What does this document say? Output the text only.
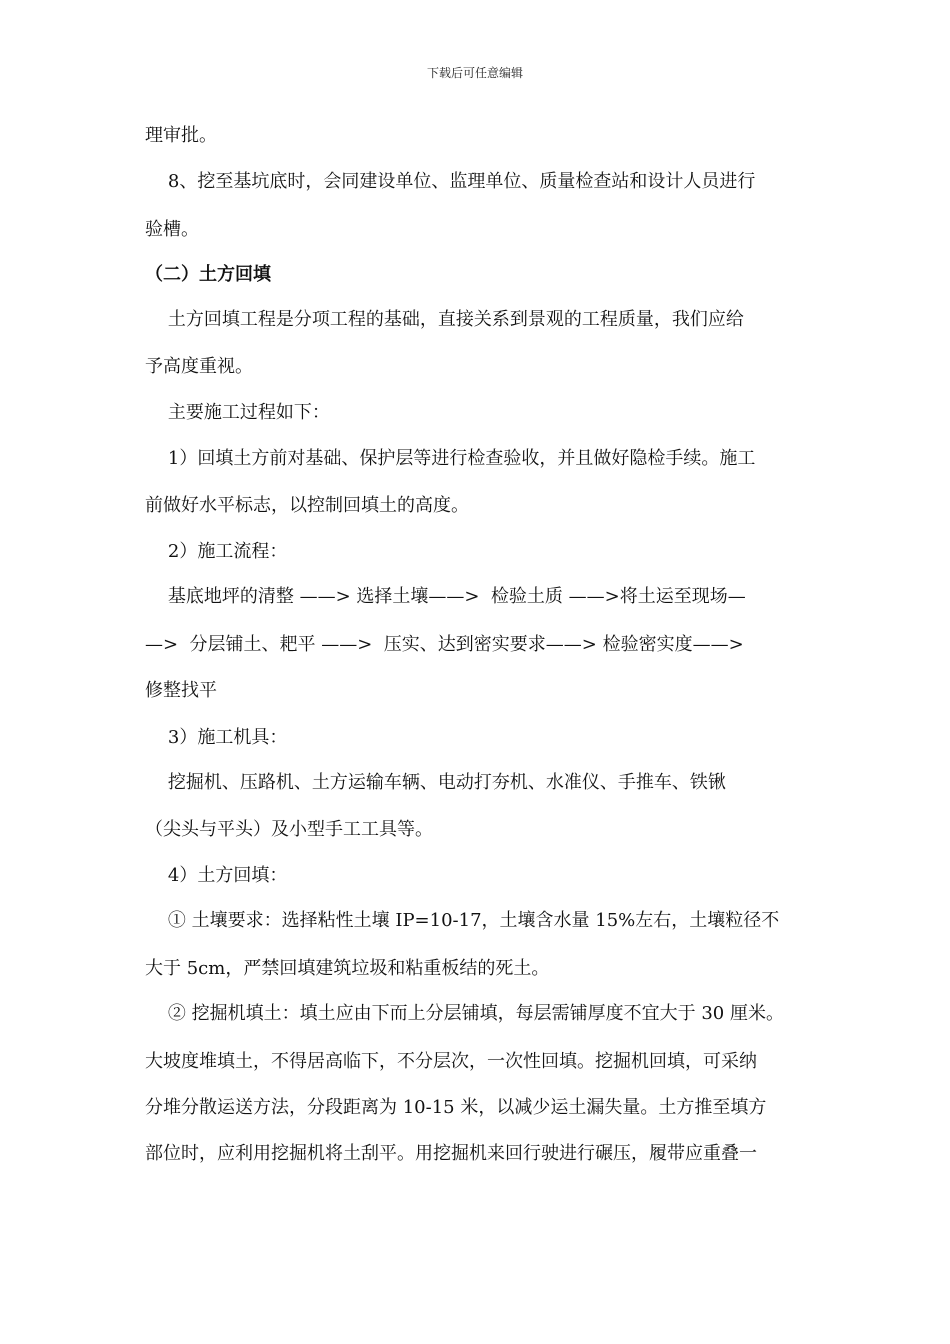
下载后可任意编辑
理审批。
8、挖至基坑底时，会同建设单位、监理单位、质量检查站和设计人员进行
验槽。
（二）土方回填
土方回填工程是分项工程的基础，直接关系到景观的工程质量，我们应给
予高度重视。
主要施工过程如下：
1）回填土方前对基础、保护层等进行检查验收，并且做好隐检手续。施工
前做好水平标志，以控制回填土的高度。
2）施工流程：
基底地坪的清整 ——> 选择土壤——>  检验土质 ——>将土运至现场—
—>  分层铺土、耙平 ——>  压实、达到密实要求——> 检验密实度——>
修整找平
3）施工机具：
挖掘机、压路机、土方运输车辆、电动打夯机、水准仪、手推车、铁锹
（尖头与平头）及小型手工工具等。
4）土方回填：
① 土壤要求：选择粘性土壤 IP=10-17，土壤含水量 15%左右，土壤粒径不
大于 5cm，严禁回填建筑垃圾和粘重板结的死土。
② 挖掘机填土：填土应由下而上分层铺填，每层需铺厚度不宜大于 30 厘米。
大坡度堆填土，不得居高临下，不分层次，一次性回填。挖掘机回填，可采纳
分堆分散运送方法，分段距离为 10-15 米，以减少运土漏失量。土方推至填方
部位时，应利用挖掘机将土刮平。用挖掘机来回行驶进行碾压，履带应重叠一
